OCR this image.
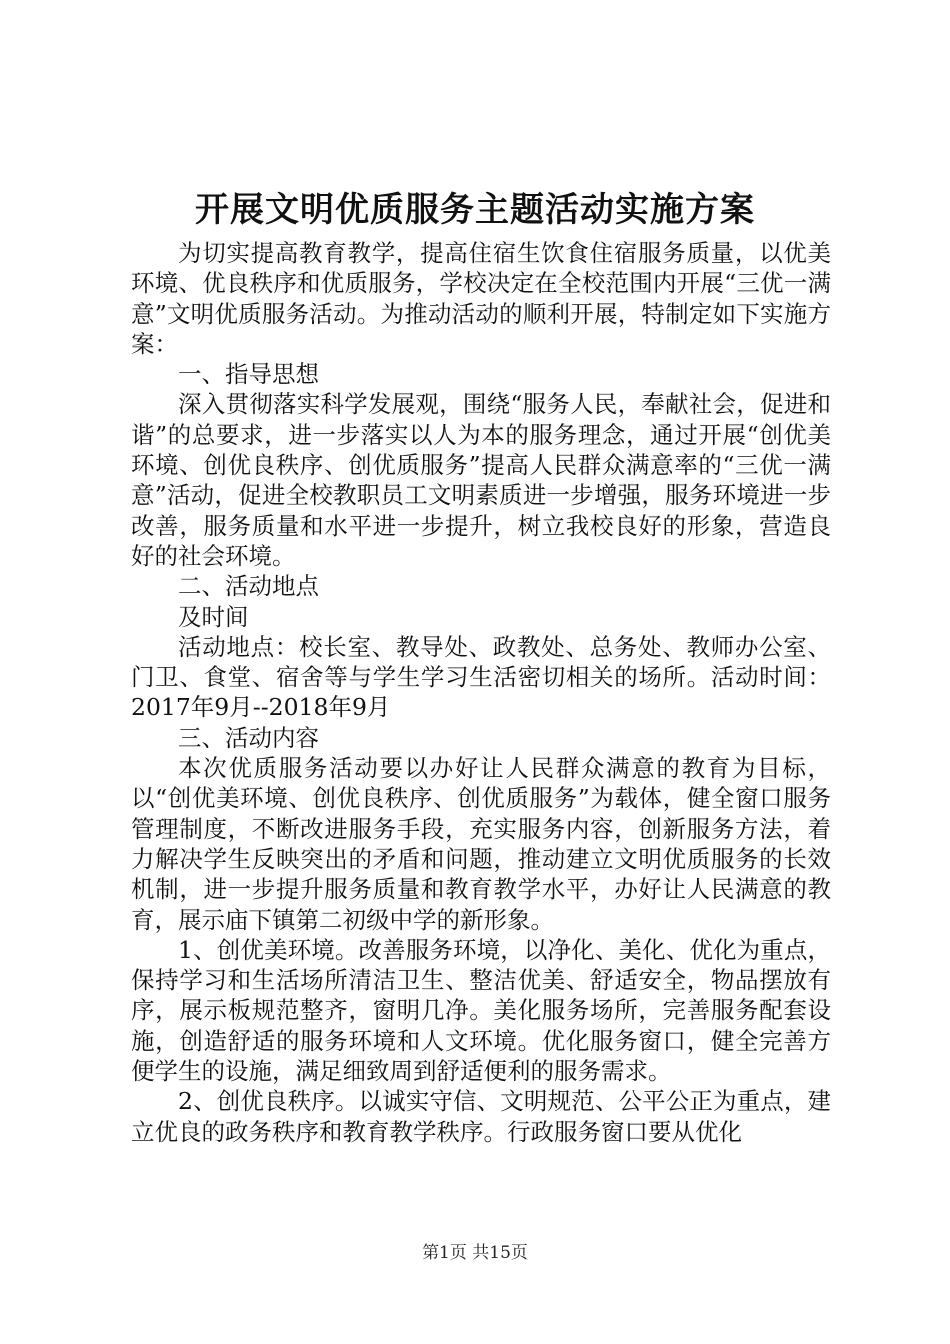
开展文明优质服务主题活动实施方案

为切实提高教育教学，提高住宿生饮食住宿服务质量，以优美环境、优良秩序和优质服务，学校决定在全校范围内开展“三优一满意”文明优质服务活动。为推动活动的顺利开展，特制定如下实施方案：

一、指导思想

深入贯彻落实科学发展观，围绕“服务人民，奉献社会，促进和谐”的总要求，进一步落实以人为本的服务理念，通过开展“创优美环境、创优良秩序、创优质服务”提高人民群众满意率的“三优一满意”活动，促进全校教职员工文明素质进一步增强，服务环境进一步改善，服务质量和水平进一步提升，树立我校良好的形象，营造良好的社会环境。

二、活动地点

及时间

活动地点：校长室、教导处、政教处、总务处、教师办公室、门卫、食堂、宿舍等与学生学习生活密切相关的场所。活动时间：2017年9月--2018年9月

三、活动内容

本次优质服务活动要以办好让人民群众满意的教育为目标，以“创优美环境、创优良秩序、创优质服务”为载体，健全窗口服务管理制度，不断改进服务手段，充实服务内容，创新服务方法，着力解决学生反映突出的矛盾和问题，推动建立文明优质服务的长效机制，进一步提升服务质量和教育教学水平，办好让人民满意的教育，展示庙下镇第二初级中学的新形象。

1、创优美环境。改善服务环境，以净化、美化、优化为重点，保持学习和生活场所清洁卫生、整洁优美、舒适安全，物品摆放有序，展示板规范整齐，窗明几净。美化服务场所，完善服务配套设施，创造舒适的服务环境和人文环境。优化服务窗口，健全完善方便学生的设施，满足细致周到舒适便利的服务需求。

2、创优良秩序。以诚实守信、文明规范、公平公正为重点，建立优良的政务秩序和教育教学秩序。行政服务窗口要从优化

第1页 共15页
